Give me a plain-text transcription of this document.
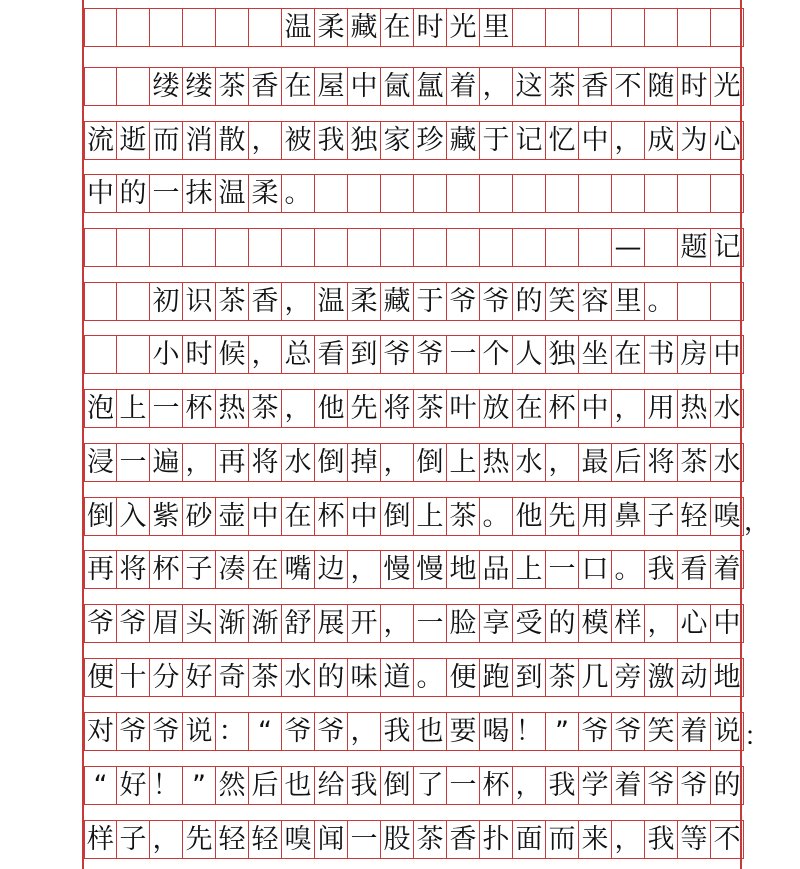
温 柔 藏 在 时 光 里
缕 缕 茶 香 在 屋 中 氤 氲 着 ， 这 茶 香 不 随 时 光
流 逝 而 消 散 ， 被 我 独 家 珍 藏 于 记 忆 中 ， 成 为 心
中 的 一 抹 温 柔 。
— 题 记
初 识 茶 香 ， 温 柔 藏 于 爷 爷 的 笑 容 里 。
小 时 候 ， 总 看 到 爷 爷 一 个 人 独 坐 在 书 房 中
泡 上 一 杯 热 茶 ， 他 先 将 茶 叶 放 在 杯 中 ， 用 热 水
浸 一 遍 ， 再 将 水 倒 掉 ， 倒 上 热 水 ， 最 后 将 茶 水
倒 入 紫 砂 壶 中 在 杯 中 倒 上 茶 。 他 先 用 鼻 子 轻 嗅
再 将 杯 子 凑 在 嘴 边 ， 慢 慢 地 品 上 一 口 。 我 看 着
爷 爷 眉 头 渐 渐 舒 展 开 ， 一 脸 享 受 的 模 样 ， 心 中
便 十 分 好 奇 茶 水 的 味 道 。 便 跑 到 茶 几 旁 激 动 地
对 爷 爷 说 ： “ 爷 爷 ， 我 也 要 喝 ！ ” 爷 爷 笑 着 说
“ 好 ！ ” 然 后 也 给 我 倒 了 一 杯 ， 我 学 着 爷 爷 的
样 子 ， 先 轻 轻 嗅 闻 一 股 茶 香 扑 面 而 来 ， 我 等 不
，
：
